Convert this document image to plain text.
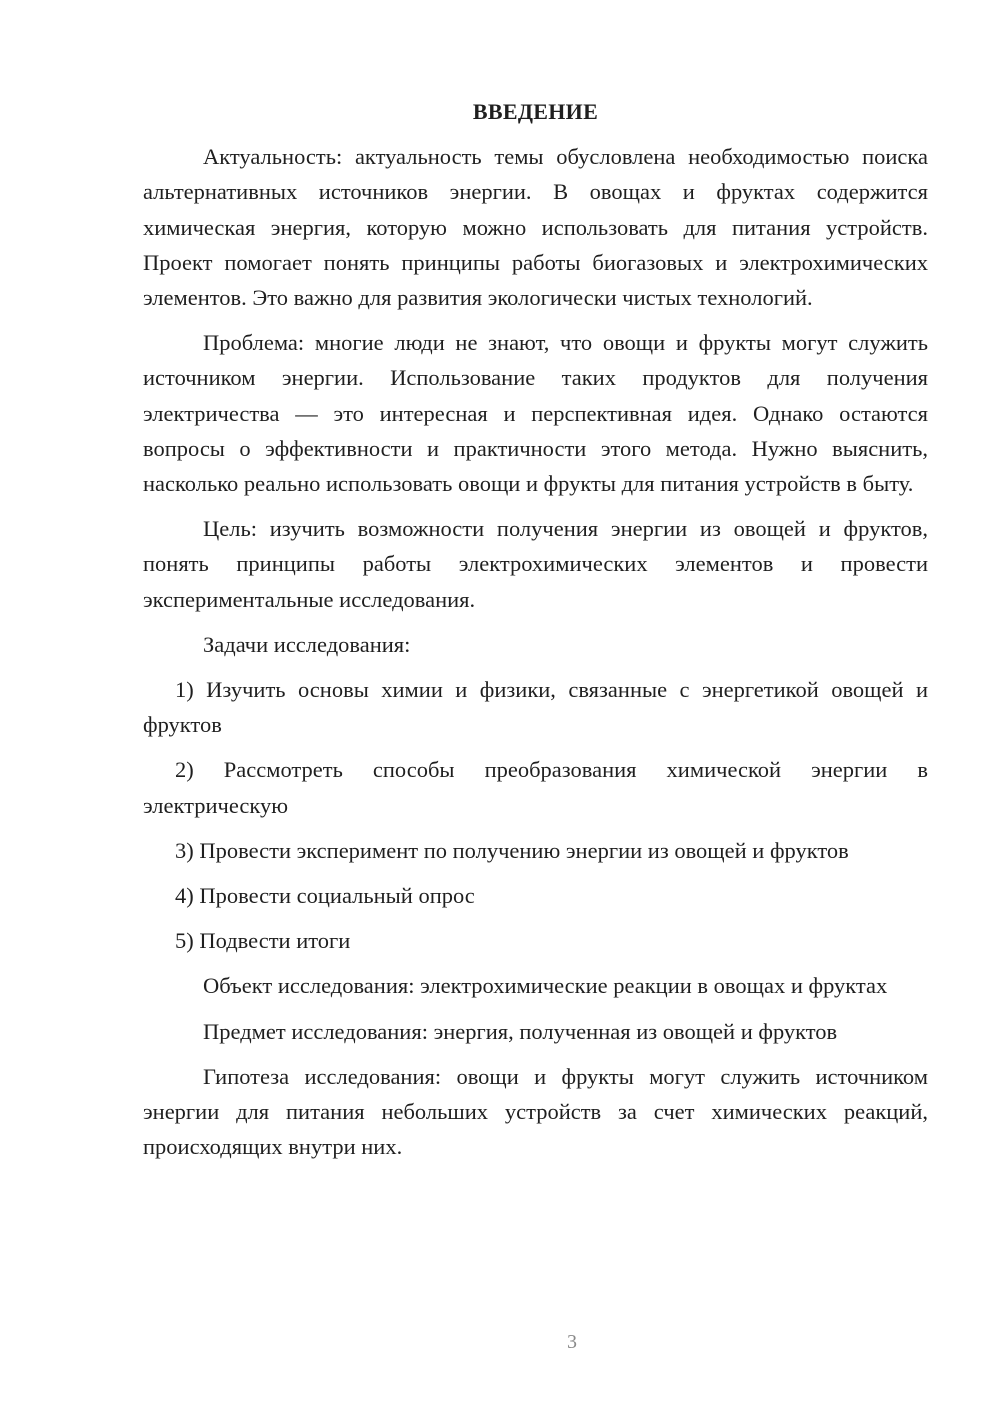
ВВЕДЕНИЕ

Актуальность: актуальность темы обусловлена необходимостью поиска альтернативных источников энергии. В овощах и фруктах содержится химическая энергия, которую можно использовать для питания устройств. Проект помогает понять принципы работы биогазовых и электрохимических элементов. Это важно для развития экологически чистых технологий.

Проблема: многие люди не знают, что овощи и фрукты могут служить источником энергии. Использование таких продуктов для получения электричества — это интересная и перспективная идея. Однако остаются вопросы о эффективности и практичности этого метода. Нужно выяснить, насколько реально использовать овощи и фрукты для питания устройств в быту.

Цель: изучить возможности получения энергии из овощей и фруктов, понять принципы работы электрохимических элементов и провести экспериментальные исследования.

Задачи исследования:

1) Изучить основы химии и физики, связанные с энергетикой овощей и фруктов

2) Рассмотреть способы преобразования химической энергии в электрическую

3) Провести эксперимент по получению энергии из овощей и фруктов

4) Провести социальный опрос

5) Подвести итоги

Объект исследования: электрохимические реакции в овощах и фруктах

Предмет исследования: энергия, полученная из овощей и фруктов

Гипотеза исследования: овощи и фрукты могут служить источником энергии для питания небольших устройств за счет химических реакций, происходящих внутри них.

3
